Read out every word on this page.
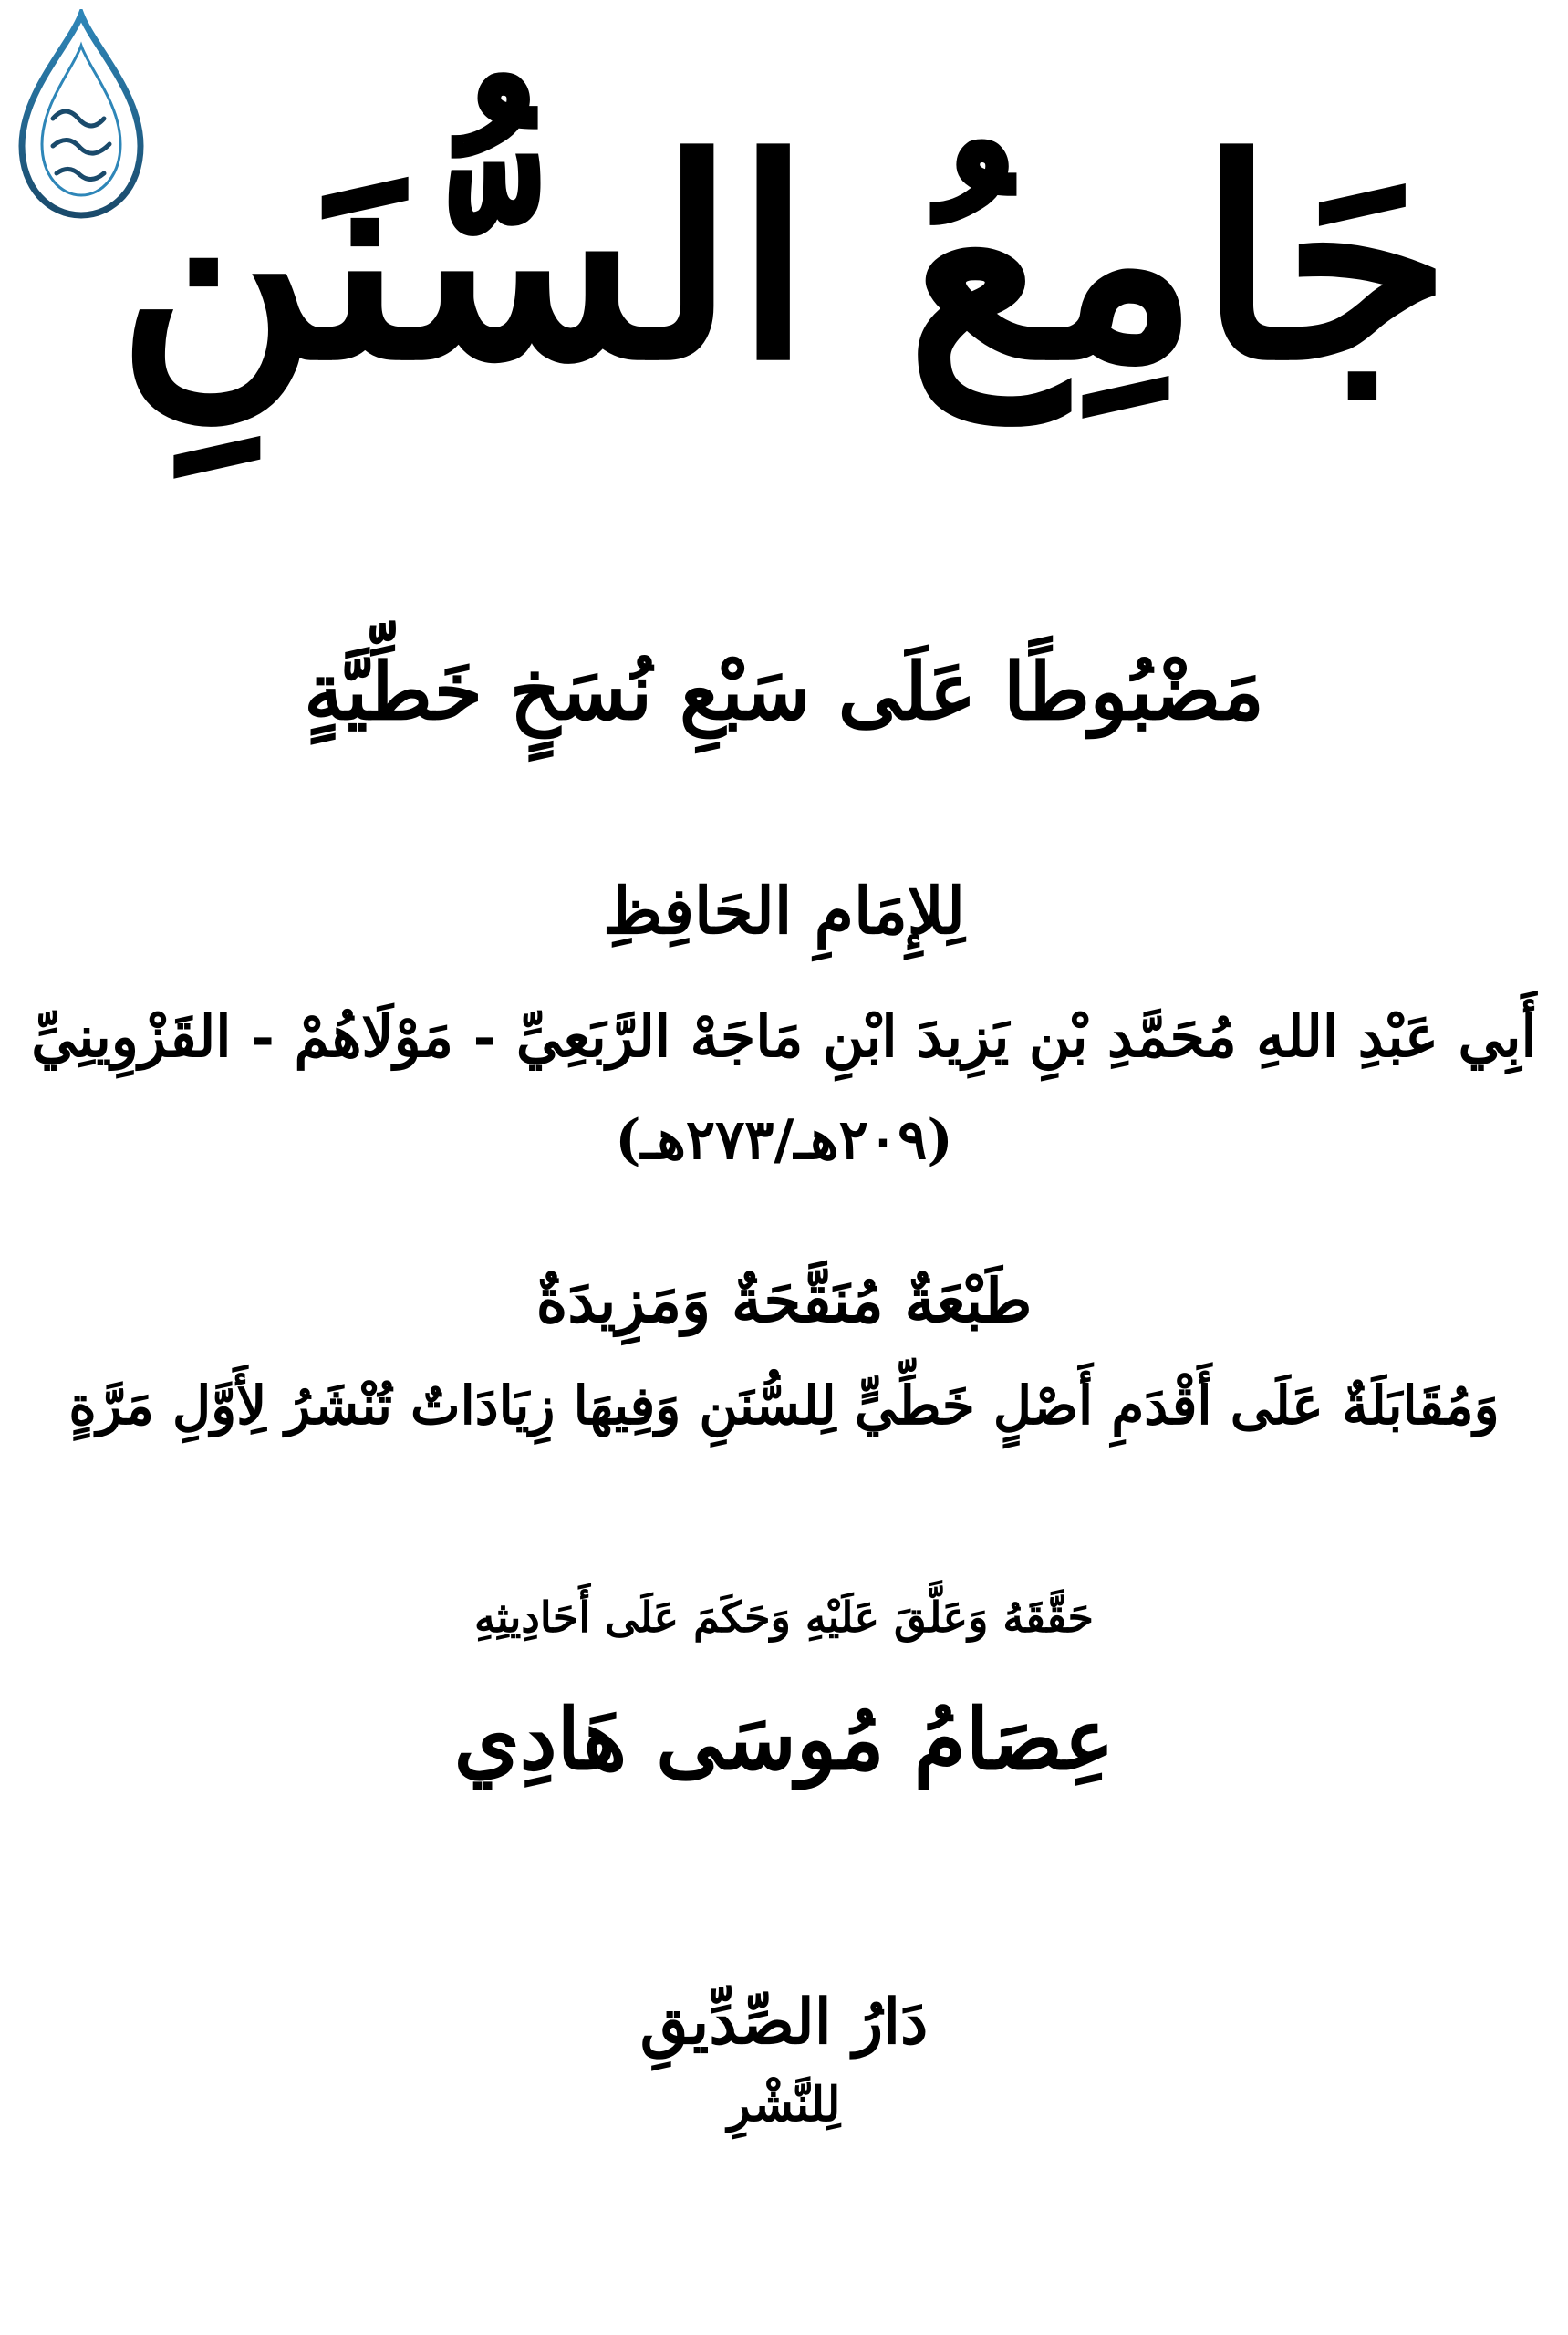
جَامِعُ السُّنَنِ
مَضْبُوطًا عَلَى سَبْعِ نُسَخٍ خَطِّيَّةٍ
لِلإِمَامِ الحَافِظِ
أَبِي عَبْدِ اللهِ مُحَمَّدِ بْنِ يَزِيدَ ابْنِ مَاجَهْ الرَّبَعِيِّ - مَوْلَاهُمْ - القَزْوِينِيِّ
(٢٠٩هـ/٢٧٣هـ)
طَبْعَةٌ مُنَقَّحَةٌ وَمَزِيدَةٌ
وَمُقَابَلَةٌ عَلَى أَقْدَمِ أَصْلٍ خَطِّيٍّ لِلسُّنَنِ وَفِيهَا زِيَادَاتٌ تُنْشَرُ لِأَوَّلِ مَرَّةٍ
حَقَّقَهُ وَعَلَّقَ عَلَيْهِ وَحَكَمَ عَلَى أَحَادِيثِهِ
عِصَامُ مُوسَى هَادِي
دَارُ الصِّدِّيقِ
لِلنَّشْرِ
